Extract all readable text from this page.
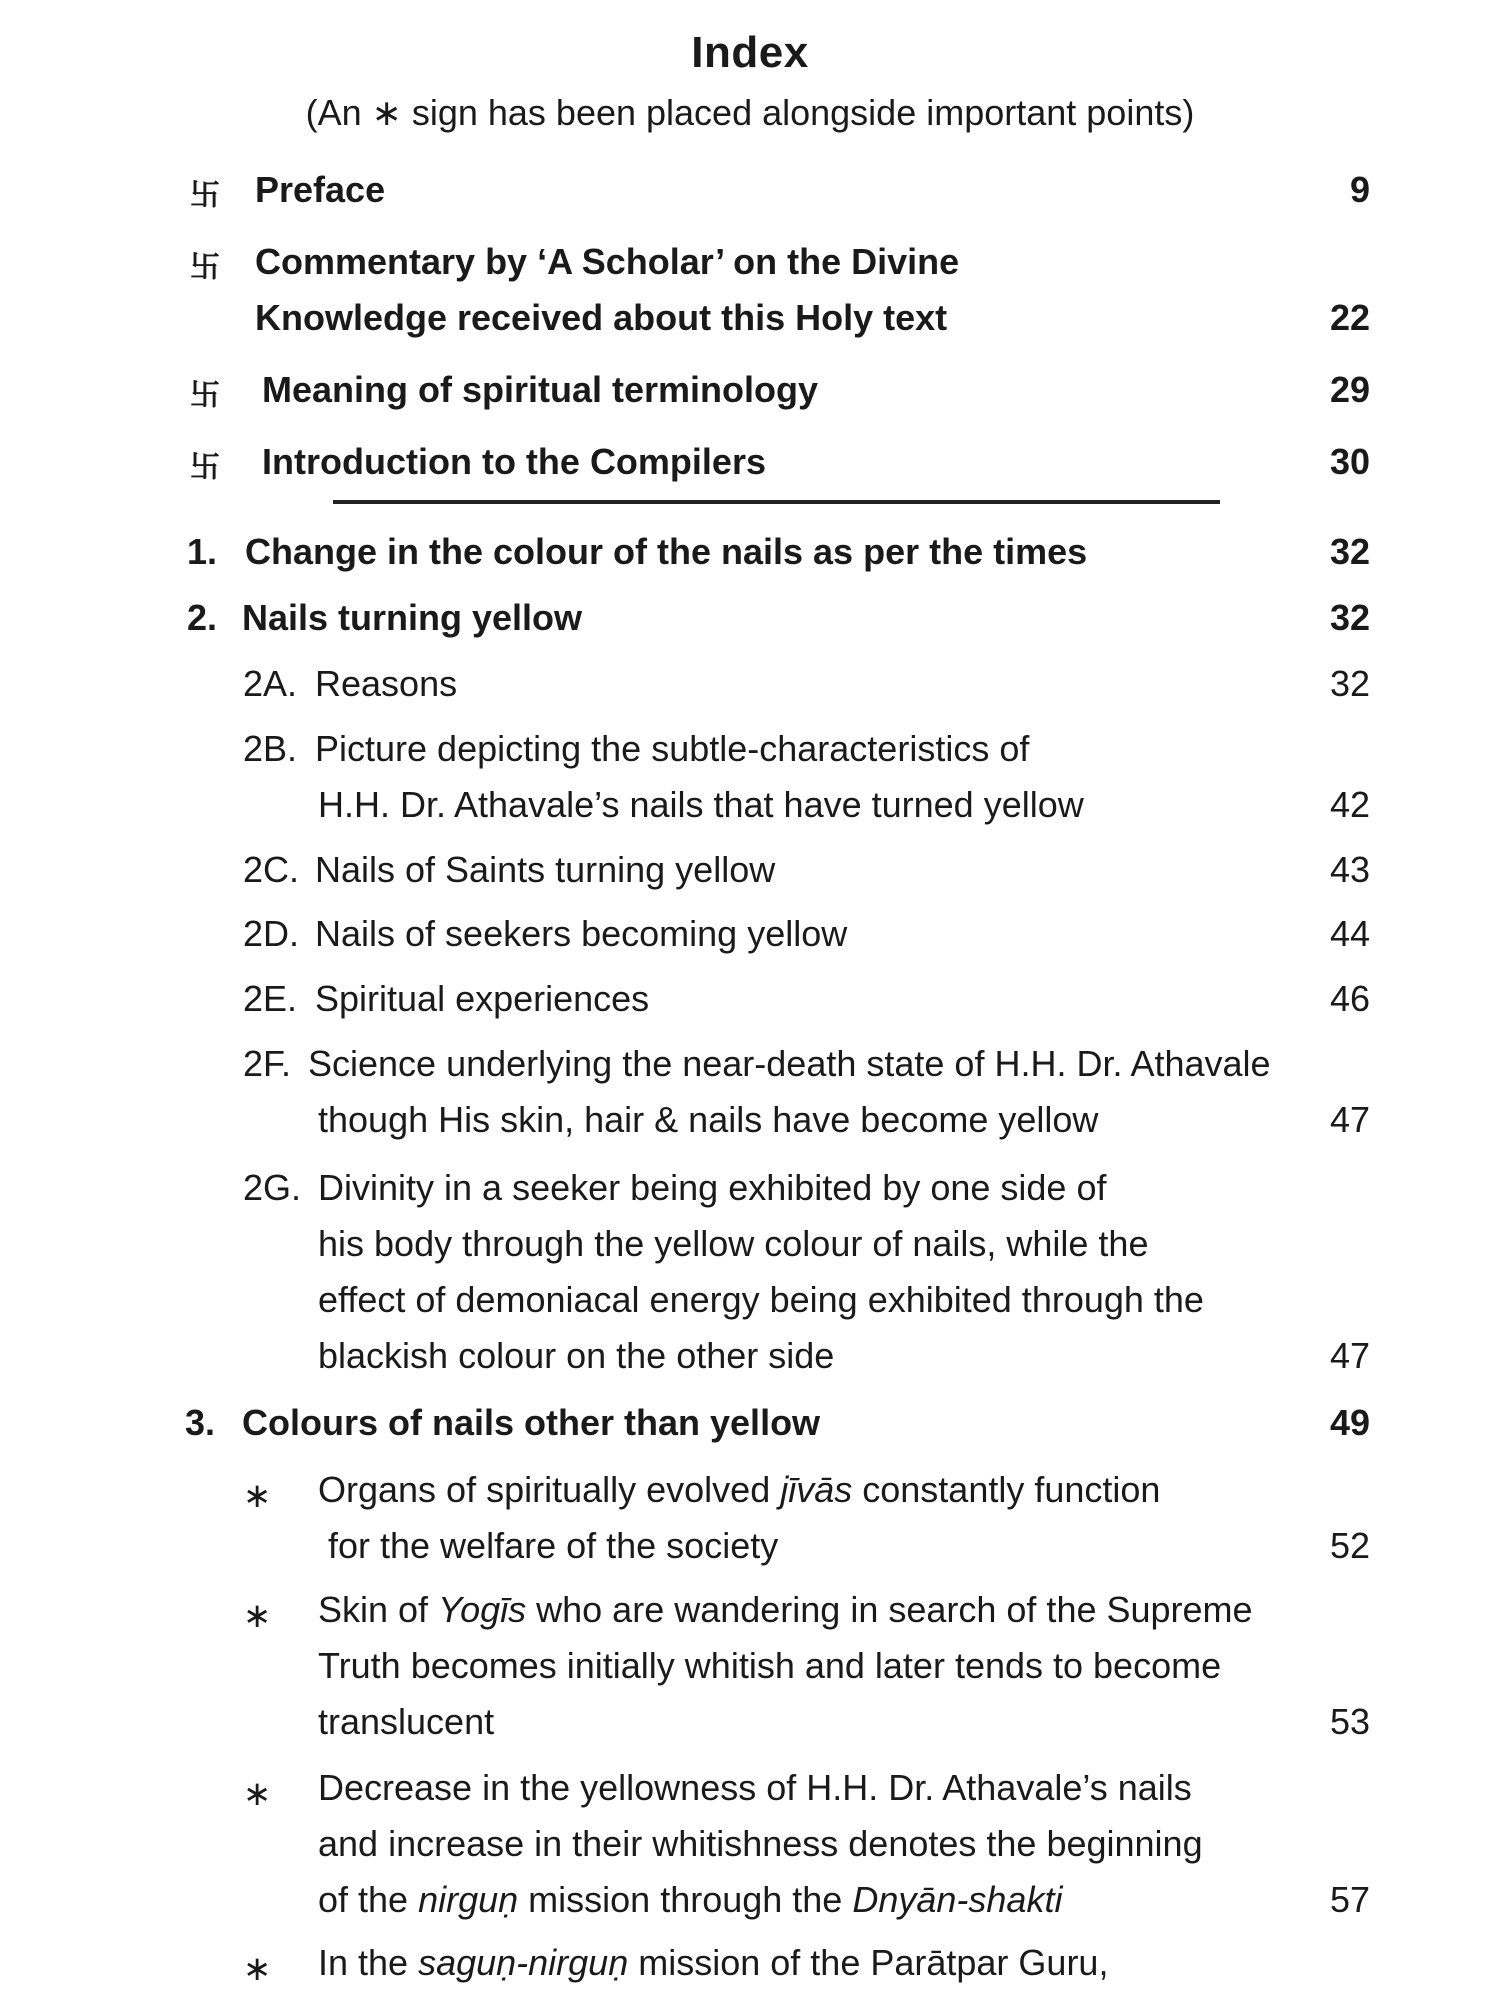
Index
(An ∗ sign has been placed alongside important points)
卐 Preface	9
卐 Commentary by ‘A Scholar’ on the Divine
Knowledge received about this Holy text	22
卐 Meaning of spiritual terminology	29
卐 Introduction to the Compilers	30
1. Change in the colour of the nails as per the times	32
2. Nails turning yellow	32
2A. Reasons	32
2B. Picture depicting the subtle-characteristics of
H.H. Dr. Athavale’s nails that have turned yellow	42
2C. Nails of Saints turning yellow	43
2D. Nails of seekers becoming yellow	44
2E. Spiritual experiences	46
2F. Science underlying the near-death state of H.H. Dr. Athavale
though His skin, hair & nails have become yellow	47
2G. Divinity in a seeker being exhibited by one side of
his body through the yellow colour of nails, while the
effect of demoniacal energy being exhibited through the
blackish colour on the other side	47
3. Colours of nails other than yellow	49
∗ Organs of spiritually evolved jīvās constantly function
for the welfare of the society	52
∗ Skin of Yogīs who are wandering in search of the Supreme
Truth becomes initially whitish and later tends to become
translucent	53
∗ Decrease in the yellowness of H.H. Dr. Athavale’s nails
and increase in their whitishness denotes the beginning
of the nirguṇ mission through the Dnyān-shakti	57
∗ In the saguṇ-nirguṇ mission of the Parātpar Guru,
